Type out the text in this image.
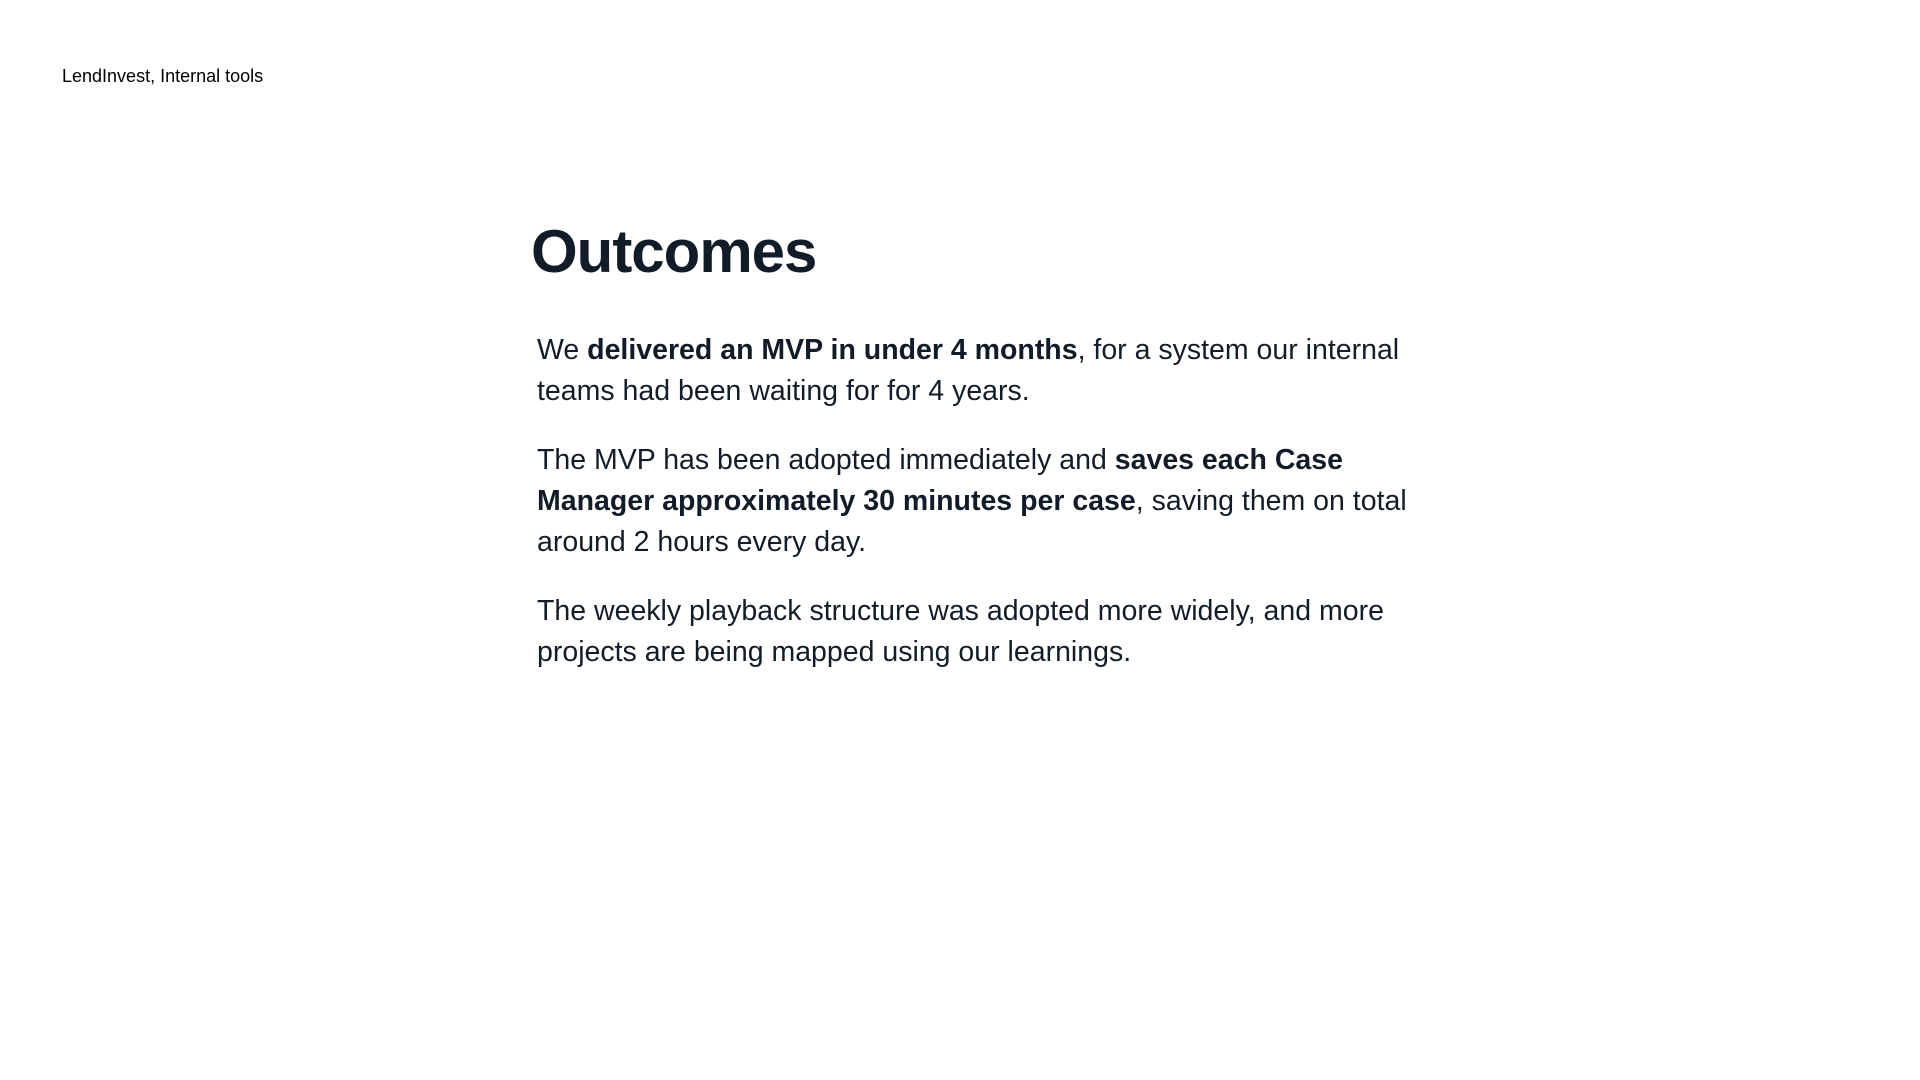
LendInvest, Internal tools
Outcomes

We delivered an MVP in under 4 months, for a system our internal teams had been waiting for for 4 years.

The MVP has been adopted immediately and saves each Case Manager approximately 30 minutes per case, saving them on total around 2 hours every day.

The weekly playback structure was adopted more widely, and more projects are being mapped using our learnings.
